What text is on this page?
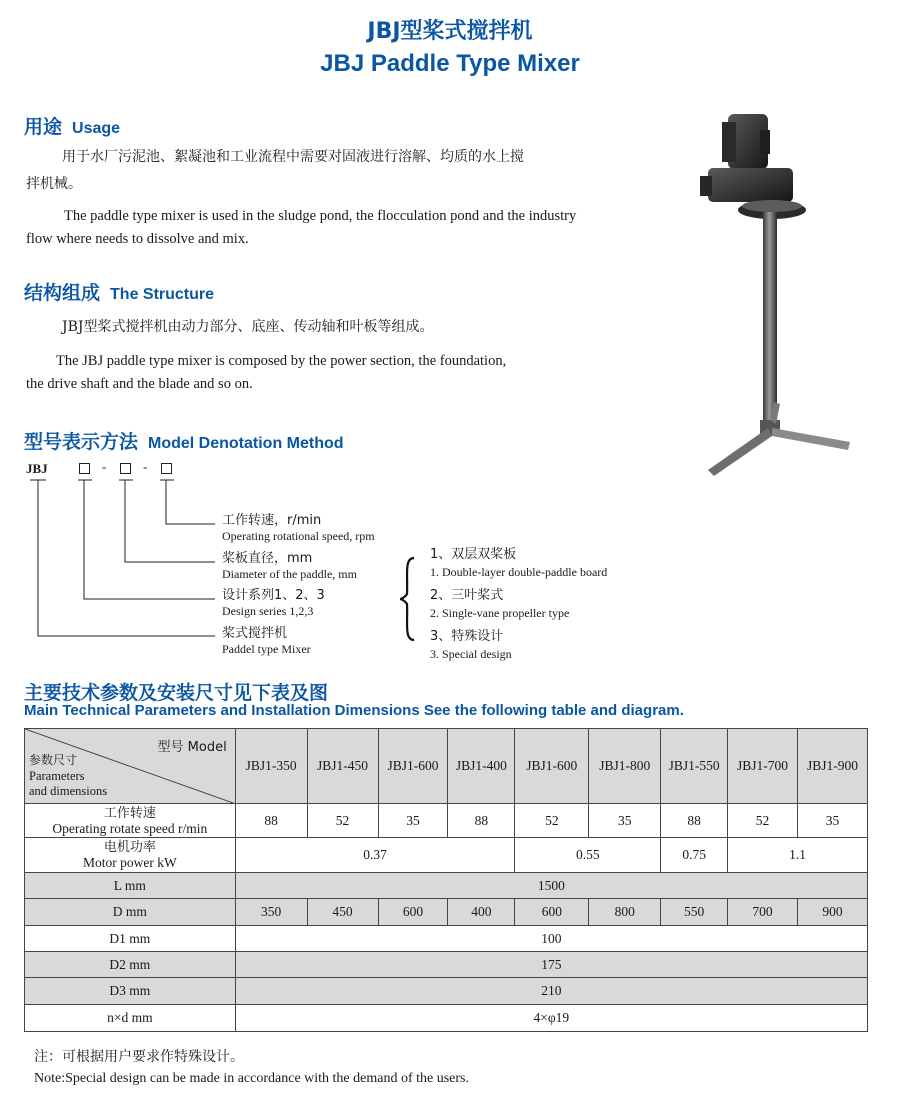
JBJ型桨式搅拌机
JBJ Paddle Type Mixer
用途 Usage
用于水厂污泥池、絮凝池和工业流程中需要对固液进行溶解、均质的水上搅
拌机械。
The paddle type mixer is used in the sludge pond, the flocculation pond and the industry
flow where needs to dissolve and mix.
结构组成 The Structure
JBJ型桨式搅拌机由动力部分、底座、传动轴和叶板等组成。
The JBJ paddle type mixer is composed by the power section, the foundation,
the drive shaft and the blade and so on.
型号表示方法 Model Denotation Method
JBJ	-	-
工作转速，r/min
Operating rotational speed, rpm
桨板直径，mm
Diameter of the paddle, mm
设计系列1、2、3
Design series 1,2,3
桨式搅拌机
Paddel type Mixer
1、双层双桨板
1. Double-layer double-paddle board
2、三叶桨式
2. Single-vane propeller type
3、特殊设计
3. Special design
主要技术参数及安装尺寸见下表及图
Main Technical Parameters and Installation Dimensions See the following table and diagram.
型号 Model
参数尺寸
Parameters
and dimensions	JBJ1-350	JBJ1-450	JBJ1-600	JBJ1-400	JBJ1-600	JBJ1-800	JBJ1-550	JBJ1-700	JBJ1-900

工作转速
Operating rotate speed r/min	88	52	35	88	52	35	88	52	35

电机功率
Motor power kW	0.37				0.55		0.75	1.1	
L mm	1500								
D mm	350	450	600	400	600	800	550	700	900
D1 mm	100								
D2 mm	175								
D3 mm	210								
n×d mm	4×φ19								
注：可根据用户要求作特殊设计。
Note:Special design can be made in accordance with the demand of the users.
